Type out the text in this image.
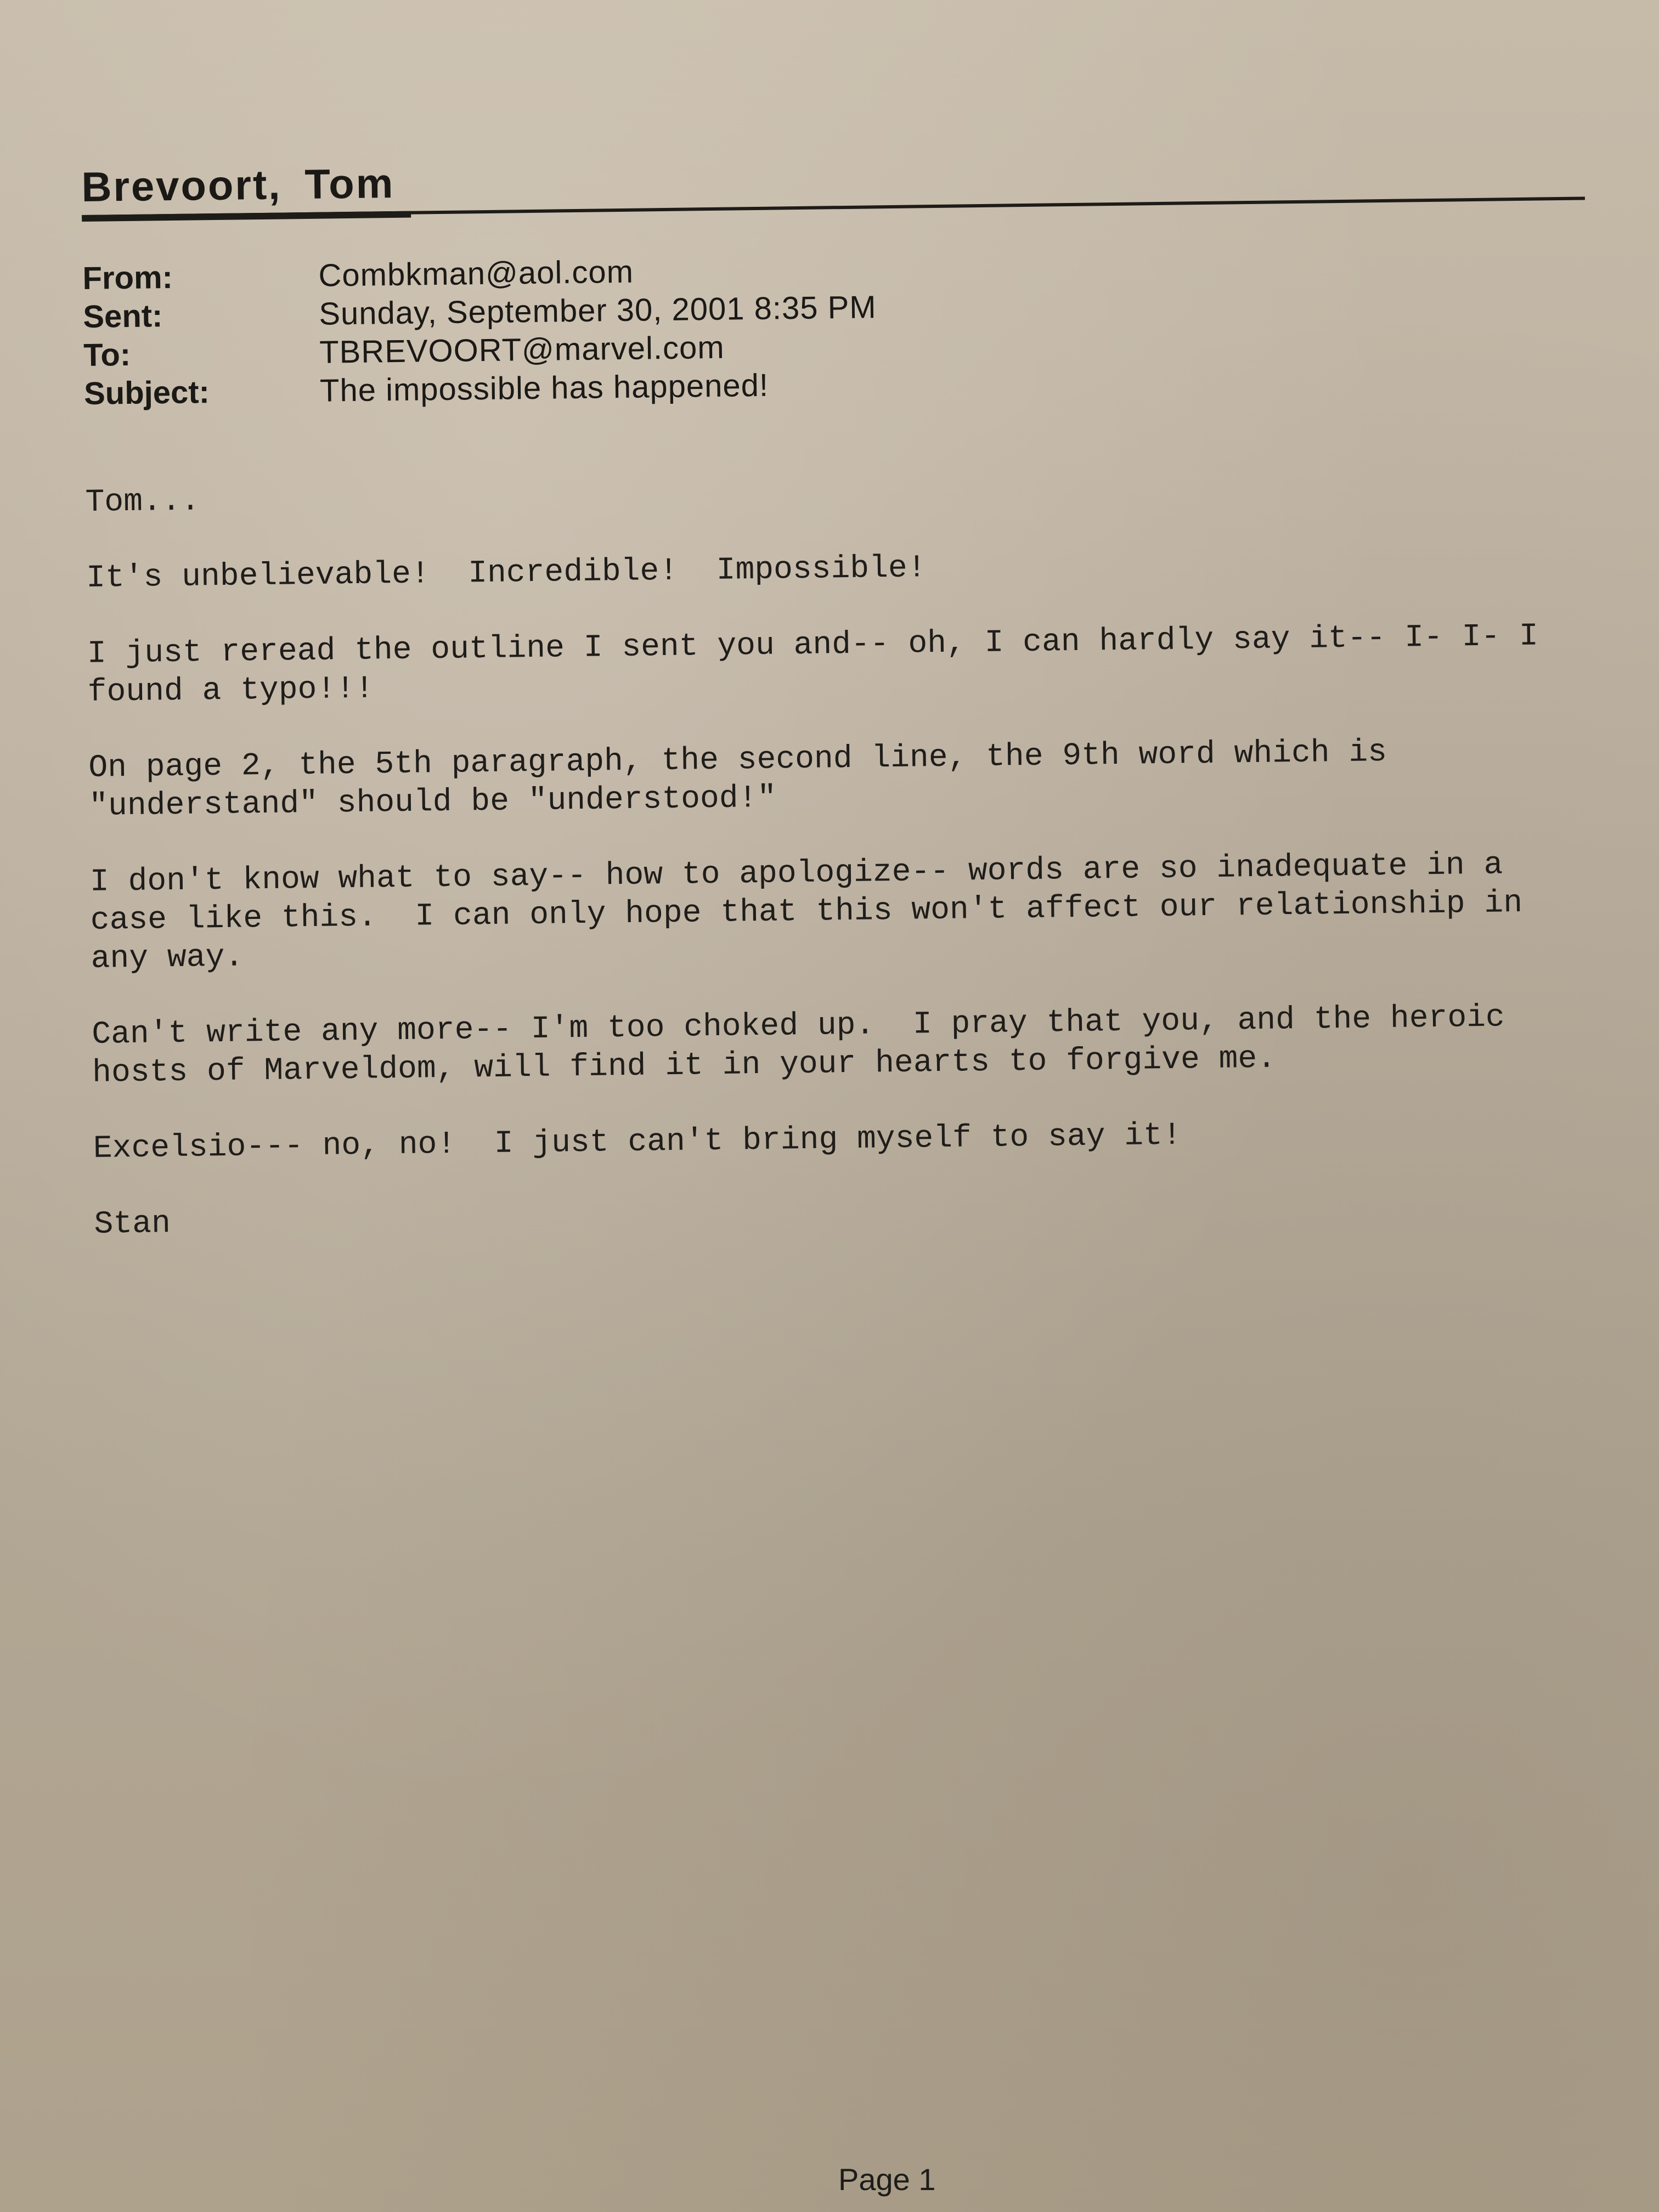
Brevoort, Tom
From:	Combkman@aol.com
Sent:	Sunday, September 30, 2001 8:35 PM
To:	TBREVOORT@marvel.com
Subject:	The impossible has happened!

Tom...

It's unbelievable!  Incredible!  Impossible!

I just reread the outline I sent you and-- oh, I can hardly say it-- I- I- I
found a typo!!!

On page 2, the 5th paragraph, the second line, the 9th word which is
"understand" should be "understood!"

I don't know what to say-- how to apologize-- words are so inadequate in a
case like this.  I can only hope that this won't affect our relationship in
any way.

Can't write any more-- I'm too choked up.  I pray that you, and the heroic
hosts of Marveldom, will find it in your hearts to forgive me.

Excelsio--- no, no!  I just can't bring myself to say it!

Stan

Page 1
